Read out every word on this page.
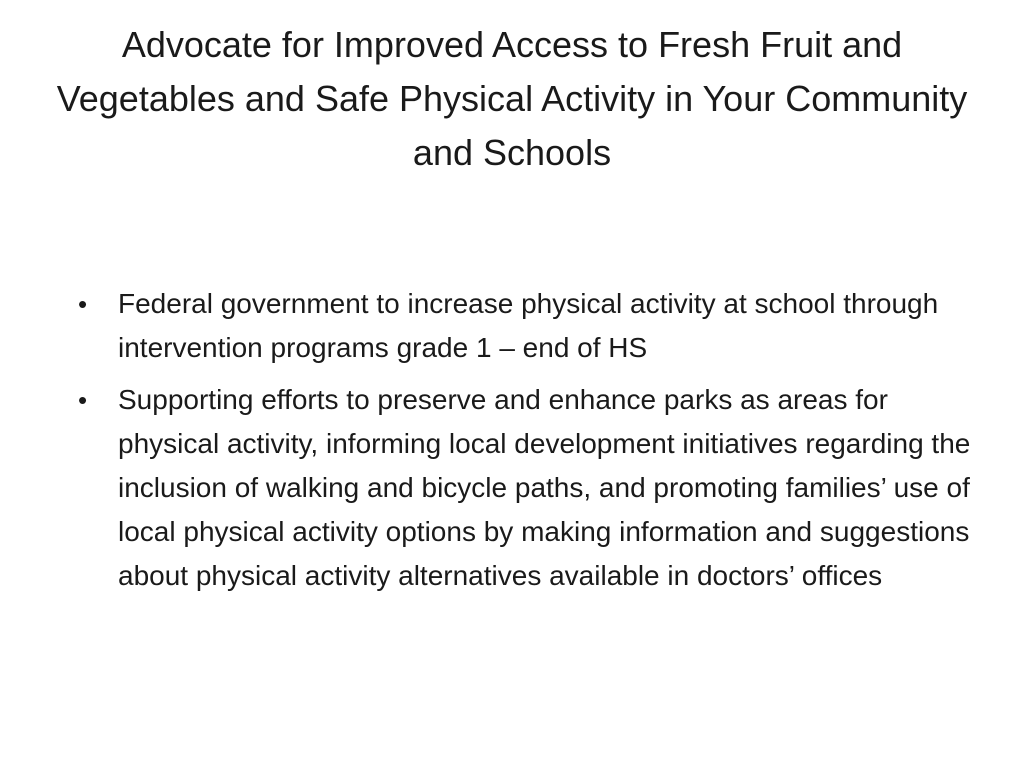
Advocate for Improved Access to Fresh Fruit and Vegetables and Safe Physical Activity in Your Community and Schools
• Federal government to increase physical activity at school through intervention programs grade 1 – end of HS
• Supporting efforts to preserve and enhance parks as areas for physical activity, informing local development initiatives regarding the inclusion of walking and bicycle paths, and promoting families’ use of local physical activity options by making information and suggestions about physical activity alternatives available in doctors’ offices
